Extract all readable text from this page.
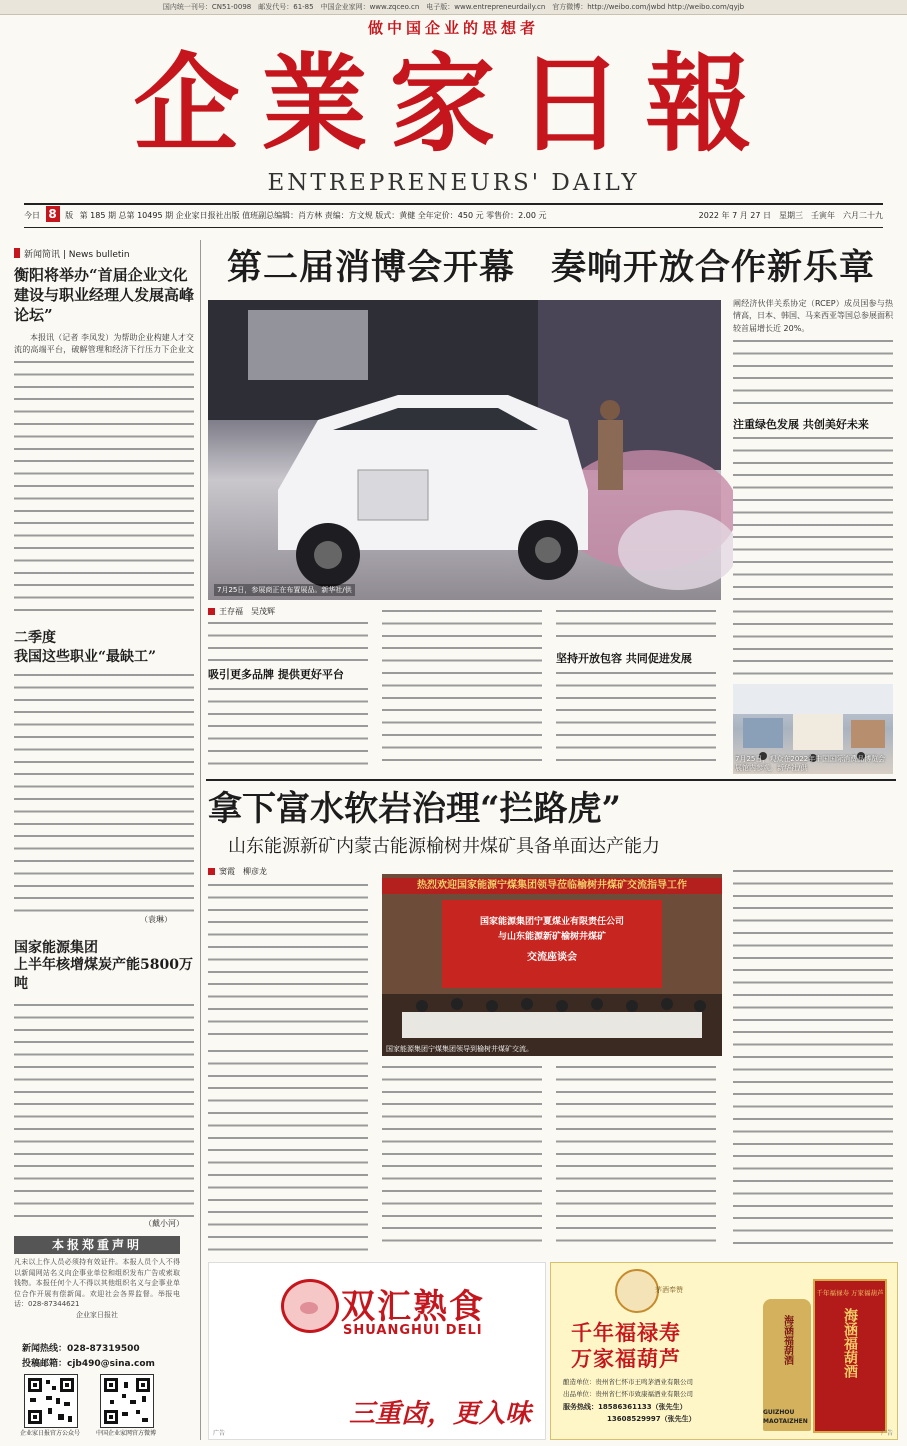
国内统一刊号：CN51-0098　邮发代号：61-85　中国企业家网：www.zqceo.cn　电子版：www.entrepreneurdaily.cn　官方微博：http://weibo.com/jwbd http://weibo.com/qyjb
做中国企业的思想者
企業家日報
ENTREPRENEURS' DAILY
今日 8 版 第 185 期 总第 10495 期 企业家日报社出版 值班副总编辑：肖方林 责编：方文规 版式：黄健 全年定价：450 元 零售价：2.00 元	2022 年 7 月 27 日　星期三　壬寅年　六月二十九
新闻简讯 | News bulletin
衡阳将举办“首届企业文化建设与职业经理人发展高峰论坛”
本报讯（记者 李凤发）为帮助企业构建人才交流的高端平台，破解管理和经济下行压力下企业文
二季度
我国这些职业“最缺工”
（袁琳）
国家能源集团
上半年核增煤炭产能5800万吨
（戴小河）
本报郑重声明
凡未以上作人员必须持有效证件。本报人员个人不得以新闻网站名义向企事业单位和组织发布广告或索取钱物。本报任何个人不得以其他组织名义与企事业单位合作开展有偿新闻。欢迎社会各界监督。举报电话：028-87344621
企业家日报社
新闻热线：028-87319500
投稿邮箱：cjb490@sina.com
企业家日报官方公众号	中国企业家网官方微博
第二届消博会开幕　奏响开放合作新乐章
7月25日，参展商正在布置展品。新华社/供
阐经济伙伴关系协定（RCEP）成员国参与热情高，日本、韩国、马来西亚等国总参展面积较首届增长近 20%。
注重绿色发展 共创美好未来
7月25日，观众在2022年中国国际消费品博览会展馆内参观。新华社/供
王存福　吴茂辉
吸引更多品牌 提供更好平台
坚持开放包容 共同促进发展
拿下富水软岩治理“拦路虎”
山东能源新矿内蒙古能源榆树井煤矿具备单面达产能力
窦霞　柳彦龙
热烈欢迎国家能源宁煤集团领导莅临榆树井煤矿交流指导工作
国家能源集团宁夏煤业有限责任公司
与山东能源新矿榆树井煤矿
交流座谈会
国家能源集团宁煤集团领导到榆树井煤矿交流。
双汇熟食
SHUANGHUI DELI
三重卤，更入味
广告
茅酒奉赞
千年福禄寿
万家福葫芦
酿造单位：贵州省仁怀市王鸣茅酒业有限公司
出品单位：贵州省仁怀市致康福酒业有限公司
服务热线：18586361133（张先生）
13608529997（张先生）
千年福禄寿 万家福葫芦
海涵福葫酒
海涵福葫酒
GUIZHOU
MAOTAIZHEN
广告
